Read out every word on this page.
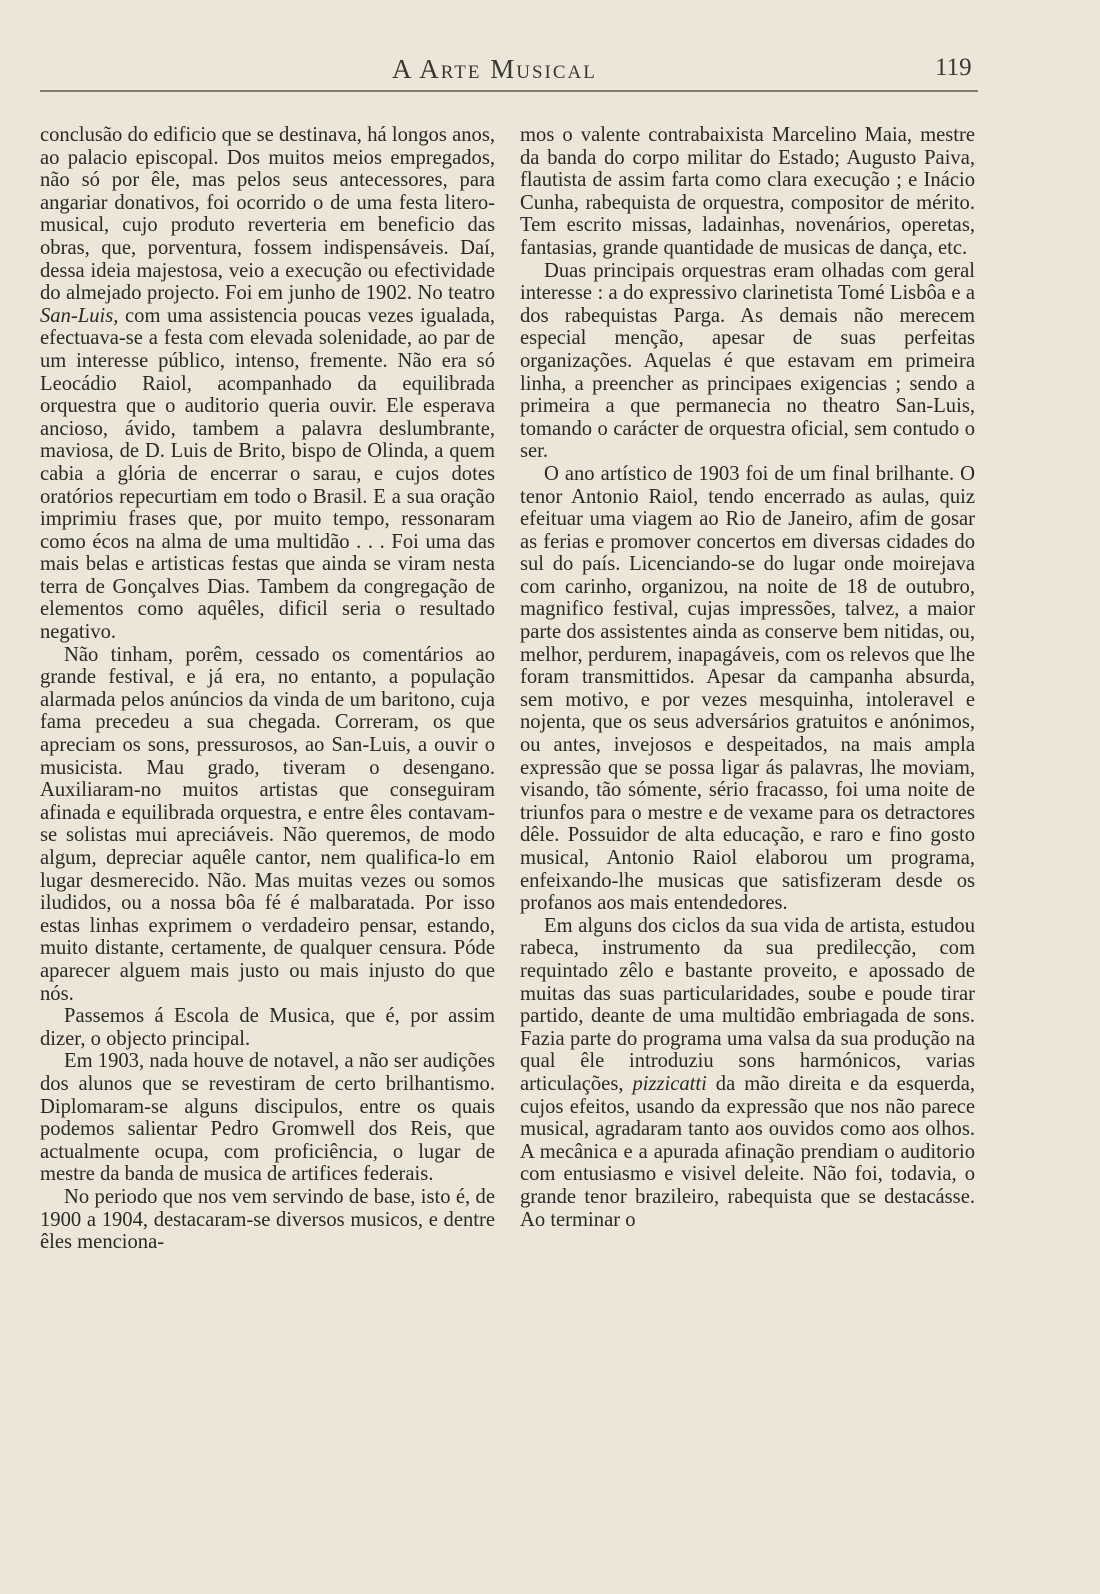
A Arte Musical	119

conclusão do edificio que se destinava, há longos anos, ao palacio episcopal. Dos muitos meios empregados, não só por êle, mas pelos seus antecessores, para angariar donativos, foi ocorrido o de uma festa litero-musical, cujo produto reverteria em beneficio das obras, que, porventura, fossem indispensáveis. Daí, dessa ideia majestosa, veio a execução ou efectividade do almejado projecto. Foi em junho de 1902. No teatro San-Luis, com uma assistencia poucas vezes igualada, efectuava-se a festa com elevada solenidade, ao par de um interesse público, intenso, fremente. Não era só Leocádio Raiol, acompanhado da equilibrada orquestra que o auditorio queria ouvir. Ele esperava ancioso, ávido, tambem a palavra deslumbrante, maviosa, de D. Luis de Brito, bispo de Olinda, a quem cabia a glória de encerrar o sarau, e cujos dotes oratórios repecurtiam em todo o Brasil. E a sua oração imprimiu frases que, por muito tempo, ressonaram como écos na alma de uma multidão . . . Foi uma das mais belas e artisticas festas que ainda se viram nesta terra de Gonçalves Dias. Tambem da congregação de elementos como aquêles, dificil seria o resultado negativo.

Não tinham, porêm, cessado os comentários ao grande festival, e já era, no entanto, a população alarmada pelos anúncios da vinda de um baritono, cuja fama precedeu a sua chegada. Correram, os que apreciam os sons, pressurosos, ao San-Luis, a ouvir o musicista. Mau grado, tiveram o desengano. Auxiliaram-no muitos artistas que conseguiram afinada e equilibrada orquestra, e entre êles contavam-se solistas mui apreciáveis. Não queremos, de modo algum, depreciar aquêle cantor, nem qualifica-lo em lugar desmerecido. Não. Mas muitas vezes ou somos iludidos, ou a nossa bôa fé é malbaratada. Por isso estas linhas exprimem o verdadeiro pensar, estando, muito distante, certamente, de qualquer censura. Póde aparecer alguem mais justo ou mais injusto do que nós.

Passemos á Escola de Musica, que é, por assim dizer, o objecto principal.

Em 1903, nada houve de notavel, a não ser audições dos alunos que se revestiram de certo brilhantismo. Diplomaram-se alguns discipulos, entre os quais podemos salientar Pedro Gromwell dos Reis, que actualmente ocupa, com proficiência, o lugar de mestre da banda de musica de artifices federais.

No periodo que nos vem servindo de base, isto é, de 1900 a 1904, destacaram-se diversos musicos, e dentre êles menciona-

mos o valente contrabaixista Marcelino Maia, mestre da banda do corpo militar do Estado; Augusto Paiva, flautista de assim farta como clara execução ; e Inácio Cunha, rabequista de orquestra, compositor de mérito. Tem escrito missas, ladainhas, novenários, operetas, fantasias, grande quantidade de musicas de dança, etc.

Duas principais orquestras eram olhadas com geral interesse : a do expressivo clarinetista Tomé Lisbôa e a dos rabequistas Parga. As demais não merecem especial menção, apesar de suas perfeitas organizações. Aquelas é que estavam em primeira linha, a preencher as principaes exigencias ; sendo a primeira a que permanecia no theatro San-Luis, tomando o carácter de orquestra oficial, sem contudo o ser.

O ano artístico de 1903 foi de um final brilhante. O tenor Antonio Raiol, tendo encerrado as aulas, quiz efeituar uma viagem ao Rio de Janeiro, afim de gosar as ferias e promover concertos em diversas cidades do sul do país. Licenciando-se do lugar onde moirejava com carinho, organizou, na noite de 18 de outubro, magnifico festival, cujas impressões, talvez, a maior parte dos assistentes ainda as conserve bem nitidas, ou, melhor, perdurem, inapagáveis, com os relevos que lhe foram transmittidos. Apesar da campanha absurda, sem motivo, e por vezes mesquinha, intoleravel e nojenta, que os seus adversários gratuitos e anónimos, ou antes, invejosos e despeitados, na mais ampla expressão que se possa ligar ás palavras, lhe moviam, visando, tão sómente, sério fracasso, foi uma noite de triunfos para o mestre e de vexame para os detractores dêle. Possuidor de alta educação, e raro e fino gosto musical, Antonio Raiol elaborou um programa, enfeixando-lhe musicas que satisfizeram desde os profanos aos mais entendedores.

Em alguns dos ciclos da sua vida de artista, estudou rabeca, instrumento da sua predilecção, com requintado zêlo e bastante proveito, e apossado de muitas das suas particularidades, soube e poude tirar partido, deante de uma multidão embriagada de sons. Fazia parte do programa uma valsa da sua produção na qual êle introduziu sons harmónicos, varias articulações, pizzicatti da mão direita e da esquerda, cujos efeitos, usando da expressão que nos não parece musical, agradaram tanto aos ouvidos como aos olhos. A mecânica e a apurada afinação prendiam o auditorio com entusiasmo e visivel deleite. Não foi, todavia, o grande tenor brazileiro, rabequista que se destacásse. Ao terminar o
